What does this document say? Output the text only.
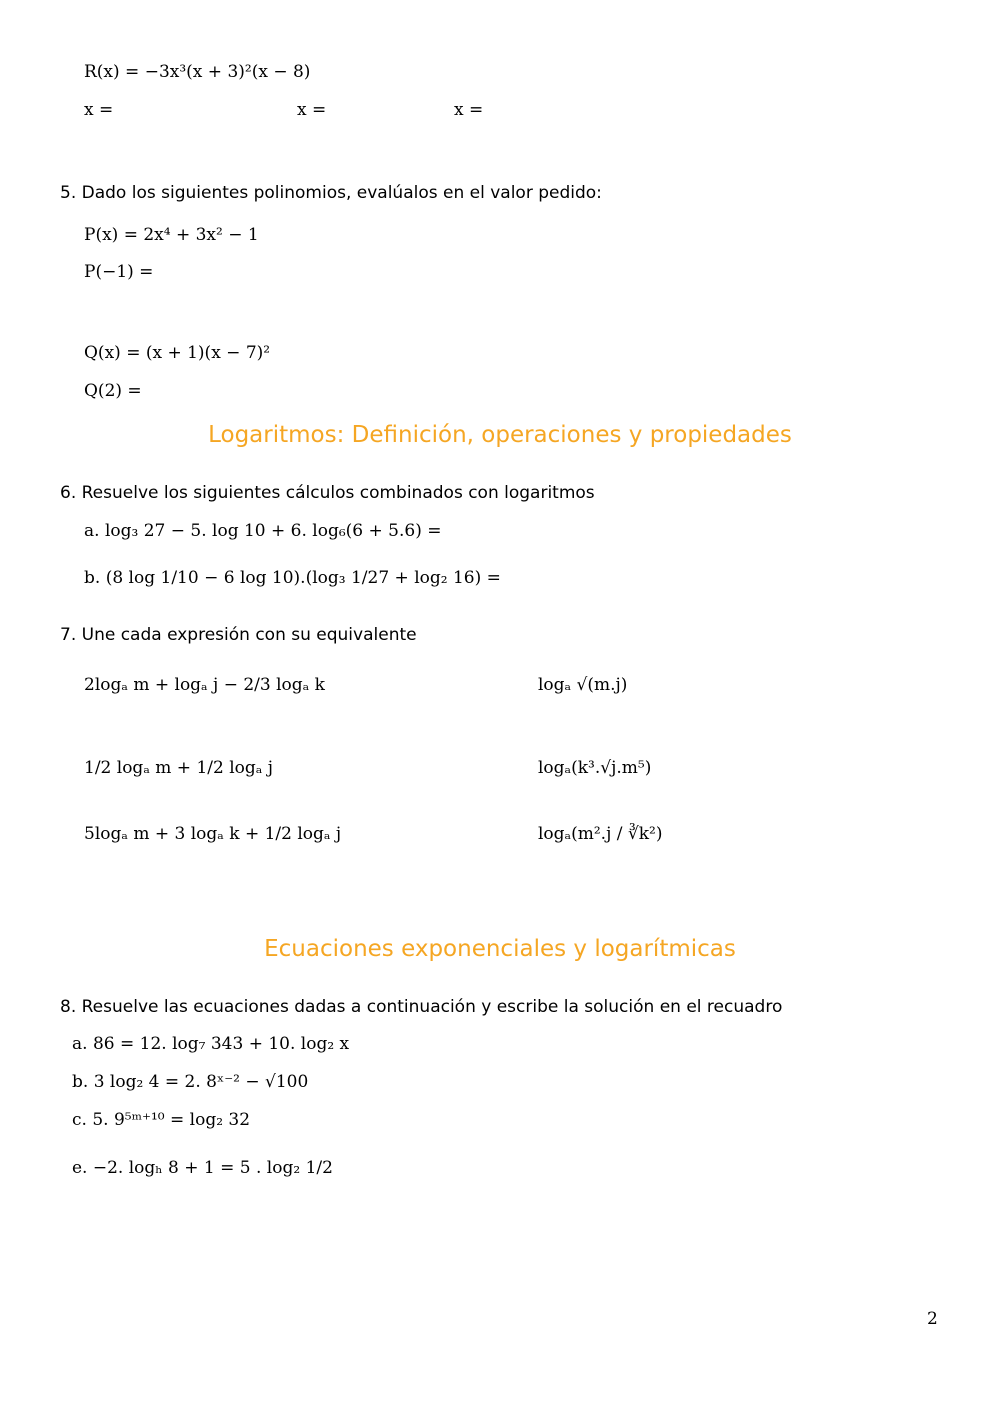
R(x) = −3x³(x + 3)²(x − 8)
x =	x =	x =
5. Dado los siguientes polinomios, evalúalos en el valor pedido:
P(x) = 2x⁴ + 3x² − 1
P(−1) =
Q(x) = (x + 1)(x − 7)²
Q(2) =
Logaritmos: Definición, operaciones y propiedades
6. Resuelve los siguientes cálculos combinados con logaritmos
a. log₃ 27 − 5. log 10 + 6. log₆(6 + 5.6) =
b. (8 log 1/10 − 6 log 10).(log₃ 1/27 + log₂ 16) =
7. Une cada expresión con su equivalente
2logₐ m + logₐ j − 2/3 logₐ k
1/2 logₐ m + 1/2 logₐ j
5logₐ m + 3 logₐ k + 1/2 logₐ j
logₐ √(m.j)
logₐ(k³.√j.m⁵)
logₐ(m².j / ∛k²)
Ecuaciones exponenciales y logarítmicas
8. Resuelve las ecuaciones dadas a continuación y escribe la solución en el recuadro
a. 86 = 12. log₇ 343 + 10. log₂ x
b. 3 log₂ 4 = 2. 8ˣ⁻² − √100
c. 5. 9⁵ᵐ⁺¹⁰ = log₂ 32
e. −2. logₕ 8 + 1 = 5 . log₂ 1/2
2
